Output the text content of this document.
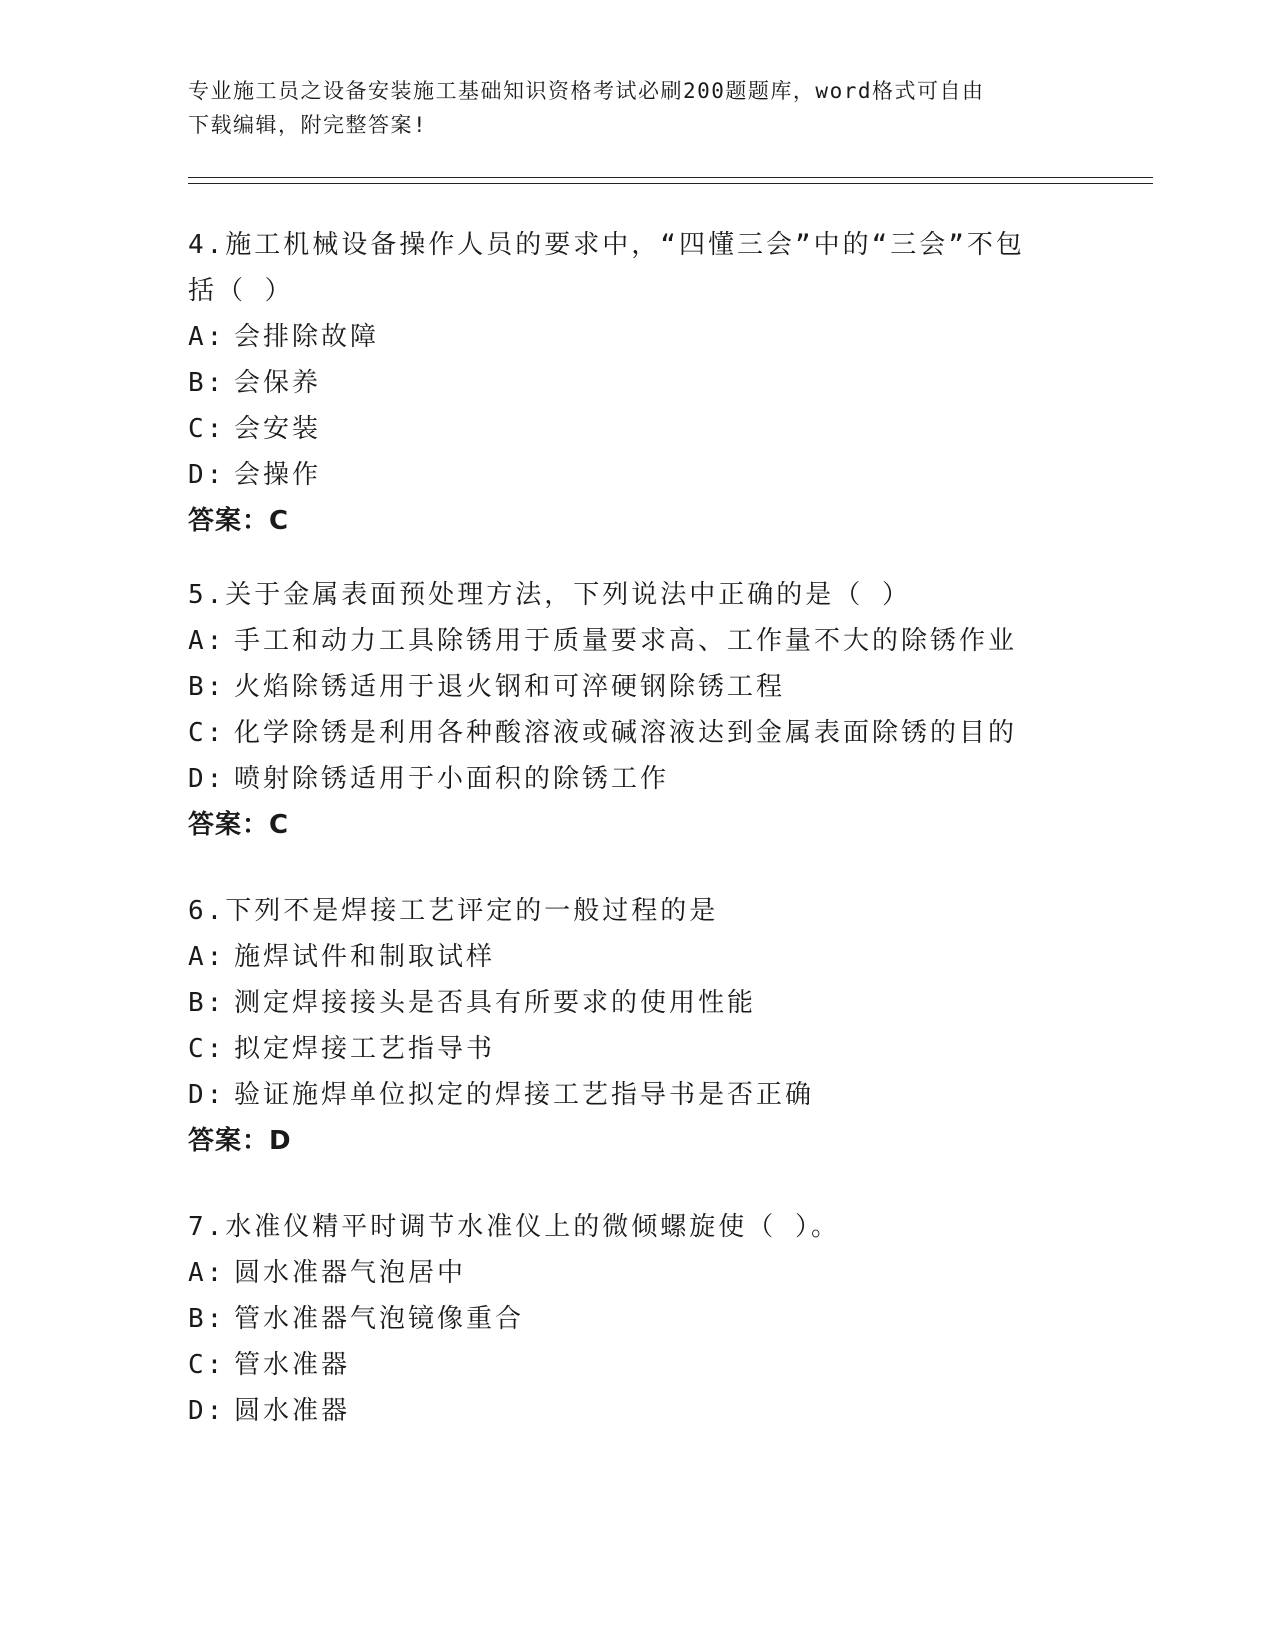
专业施工员之设备安装施工基础知识资格考试必刷200题题库，word格式可自由
下载编辑，附完整答案!

4.施工机械设备操作人员的要求中，“四懂三会”中的“三会”不包

括（ ）

A: 会排除故障

B: 会保养

C: 会安装

D: 会操作

答案：C

5.关于金属表面预处理方法，下列说法中正确的是（ ）

A: 手工和动力工具除锈用于质量要求高、工作量不大的除锈作业

B: 火焰除锈适用于退火钢和可淬硬钢除锈工程

C: 化学除锈是利用各种酸溶液或碱溶液达到金属表面除锈的目的

D: 喷射除锈适用于小面积的除锈工作

答案：C

6.下列不是焊接工艺评定的一般过程的是

A: 施焊试件和制取试样

B: 测定焊接接头是否具有所要求的使用性能

C: 拟定焊接工艺指导书

D: 验证施焊单位拟定的焊接工艺指导书是否正确

答案：D

7.水准仪精平时调节水准仪上的微倾螺旋使（ ）。

A: 圆水准器气泡居中

B: 管水准器气泡镜像重合

C: 管水准器

D: 圆水准器
